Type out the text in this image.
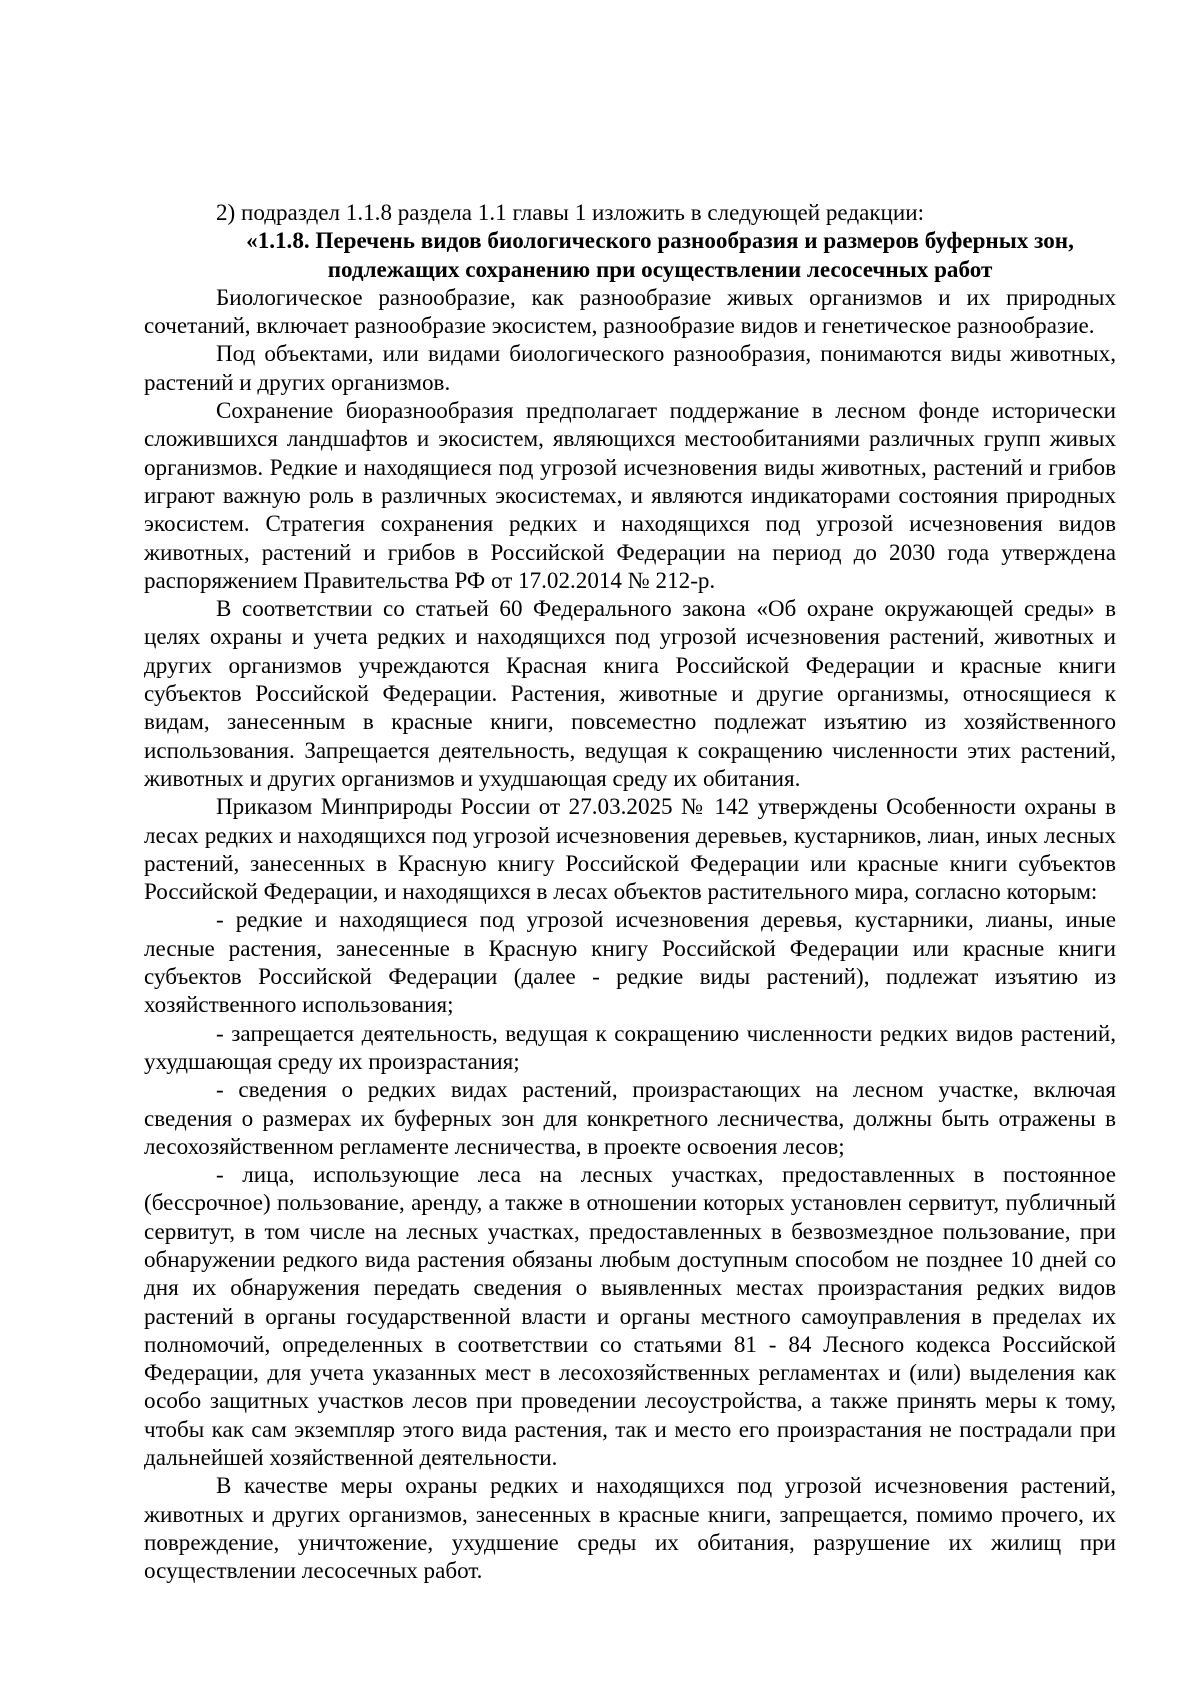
2) подраздел 1.1.8 раздела 1.1 главы 1 изложить в следующей редакции:

«1.1.8. Перечень видов биологического разнообразия и размеров буферных зон,

подлежащих сохранению при осуществлении лесосечных работ

Биологическое разнообразие, как разнообразие живых организмов и их природных сочетаний, включает разнообразие экосистем, разнообразие видов и генетическое разнообразие.

Под объектами, или видами биологического разнообразия, понимаются виды животных, растений и других организмов.

Сохранение биоразнообразия предполагает поддержание в лесном фонде исторически сложившихся ландшафтов и экосистем, являющихся местообитаниями различных групп живых организмов. Редкие и находящиеся под угрозой исчезновения виды животных, растений и грибов играют важную роль в различных экосистемах, и являются индикаторами состояния природных экосистем. Стратегия сохранения редких и находящихся под угрозой исчезновения видов животных, растений и грибов в Российской Федерации на период до 2030 года утверждена распоряжением Правительства РФ от 17.02.2014 № 212-р.

В соответствии со статьей 60 Федерального закона «Об охране окружающей среды» в целях охраны и учета редких и находящихся под угрозой исчезновения растений, животных и других организмов учреждаются Красная книга Российской Федерации и красные книги субъектов Российской Федерации. Растения, животные и другие организмы, относящиеся к видам, занесенным в красные книги, повсеместно подлежат изъятию из хозяйственного использования. Запрещается деятельность, ведущая к сокращению численности этих растений, животных и других организмов и ухудшающая среду их обитания.

Приказом Минприроды России от 27.03.2025 № 142 утверждены Особенности охраны в лесах редких и находящихся под угрозой исчезновения деревьев, кустарников, лиан, иных лесных растений, занесенных в Красную книгу Российской Федерации или красные книги субъектов Российской Федерации, и находящихся в лесах объектов растительного мира, согласно которым:

- редкие и находящиеся под угрозой исчезновения деревья, кустарники, лианы, иные лесные растения, занесенные в Красную книгу Российской Федерации или красные книги субъектов Российской Федерации (далее - редкие виды растений), подлежат изъятию из хозяйственного использования;

- запрещается деятельность, ведущая к сокращению численности редких видов растений, ухудшающая среду их произрастания;

- сведения о редких видах растений, произрастающих на лесном участке, включая сведения о размерах их буферных зон для конкретного лесничества, должны быть отражены в лесохозяйственном регламенте лесничества, в проекте освоения лесов;

- лица, использующие леса на лесных участках, предоставленных в постоянное (бессрочное) пользование, аренду, а также в отношении которых установлен сервитут, публичный сервитут, в том числе на лесных участках, предоставленных в безвозмездное пользование, при обнаружении редкого вида растения обязаны любым доступным способом не позднее 10 дней со дня их обнаружения передать сведения о выявленных местах произрастания редких видов растений в органы государственной власти и органы местного самоуправления в пределах их полномочий, определенных в соответствии со статьями 81 - 84 Лесного кодекса Российской Федерации, для учета указанных мест в лесохозяйственных регламентах и (или) выделения как особо защитных участков лесов при проведении лесоустройства, а также принять меры к тому, чтобы как сам экземпляр этого вида растения, так и место его произрастания не пострадали при дальнейшей хозяйственной деятельности.

В качестве меры охраны редких и находящихся под угрозой исчезновения растений, животных и других организмов, занесенных в красные книги, запрещается, помимо прочего, их повреждение, уничтожение, ухудшение среды их обитания, разрушение их жилищ при осуществлении лесосечных работ.
